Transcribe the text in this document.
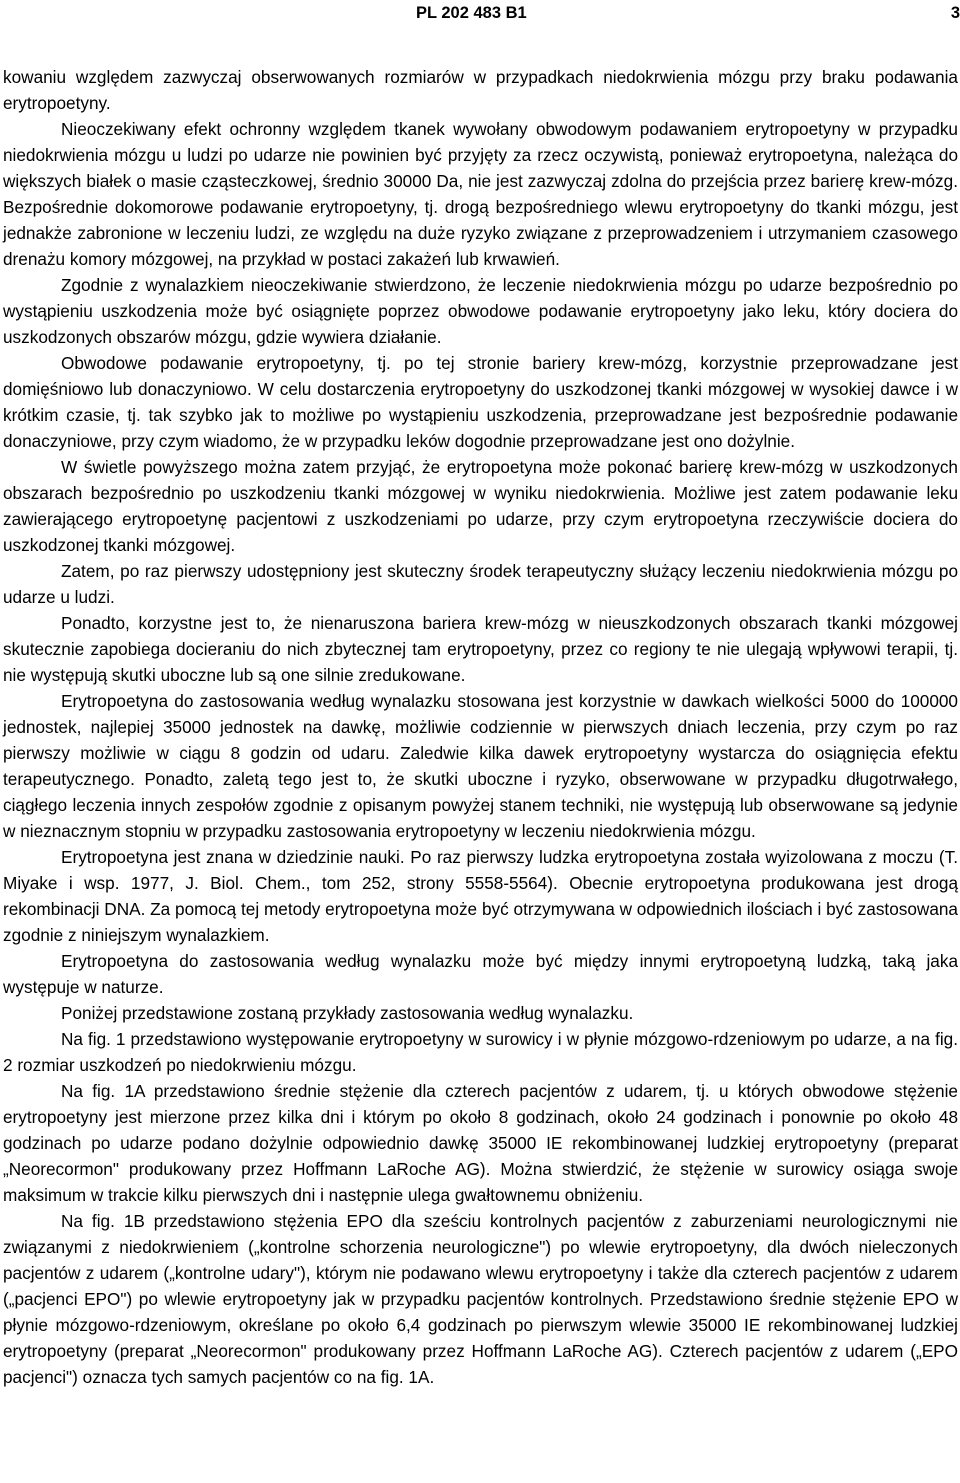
PL 202 483 B1	3

kowaniu względem zazwyczaj obserwowanych rozmiarów w przypadkach niedokrwienia mózgu przy braku podawania erytropoetyny.

Nieoczekiwany efekt ochronny względem tkanek wywołany obwodowym podawaniem erytropoetyny w przypadku niedokrwienia mózgu u ludzi po udarze nie powinien być przyjęty za rzecz oczywistą, ponieważ erytropoetyna, należąca do większych białek o masie cząsteczkowej, średnio 30000 Da, nie jest zazwyczaj zdolna do przejścia przez barierę krew-mózg. Bezpośrednie dokomorowe podawanie erytropoetyny, tj. drogą bezpośredniego wlewu erytropoetyny do tkanki mózgu, jest jednakże zabronione w leczeniu ludzi, ze względu na duże ryzyko związane z przeprowadzeniem i utrzymaniem czasowego drenażu komory mózgowej, na przykład w postaci zakażeń lub krwawień.

Zgodnie z wynalazkiem nieoczekiwanie stwierdzono, że leczenie niedokrwienia mózgu po udarze bezpośrednio po wystąpieniu uszkodzenia może być osiągnięte poprzez obwodowe podawanie erytropoetyny jako leku, który dociera do uszkodzonych obszarów mózgu, gdzie wywiera działanie.

Obwodowe podawanie erytropoetyny, tj. po tej stronie bariery krew-mózg, korzystnie przeprowadzane jest domięśniowo lub donaczyniowo. W celu dostarczenia erytropoetyny do uszkodzonej tkanki mózgowej w wysokiej dawce i w krótkim czasie, tj. tak szybko jak to możliwe po wystąpieniu uszkodzenia, przeprowadzane jest bezpośrednie podawanie donaczyniowe, przy czym wiadomo, że w przypadku leków dogodnie przeprowadzane jest ono dożylnie.

W świetle powyższego można zatem przyjąć, że erytropoetyna może pokonać barierę krew-mózg w uszkodzonych obszarach bezpośrednio po uszkodzeniu tkanki mózgowej w wyniku niedokrwienia. Możliwe jest zatem podawanie leku zawierającego erytropoetynę pacjentowi z uszkodzeniami po udarze, przy czym erytropoetyna rzeczywiście dociera do uszkodzonej tkanki mózgowej.

Zatem, po raz pierwszy udostępniony jest skuteczny środek terapeutyczny służący leczeniu niedokrwienia mózgu po udarze u ludzi.

Ponadto, korzystne jest to, że nienaruszona bariera krew-mózg w nieuszkodzonych obszarach tkanki mózgowej skutecznie zapobiega docieraniu do nich zbytecznej tam erytropoetyny, przez co regiony te nie ulegają wpływowi terapii, tj. nie występują skutki uboczne lub są one silnie zredukowane.

Erytropoetyna do zastosowania według wynalazku stosowana jest korzystnie w dawkach wielkości 5000 do 100000 jednostek, najlepiej 35000 jednostek na dawkę, możliwie codziennie w pierwszych dniach leczenia, przy czym po raz pierwszy możliwie w ciągu 8 godzin od udaru. Zaledwie kilka dawek erytropoetyny wystarcza do osiągnięcia efektu terapeutycznego. Ponadto, zaletą tego jest to, że skutki uboczne i ryzyko, obserwowane w przypadku długotrwałego, ciągłego leczenia innych zespołów zgodnie z opisanym powyżej stanem techniki, nie występują lub obserwowane są jedynie w nieznacznym stopniu w przypadku zastosowania erytropoetyny w leczeniu niedokrwienia mózgu.

Erytropoetyna jest znana w dziedzinie nauki. Po raz pierwszy ludzka erytropoetyna została wyizolowana z moczu (T. Miyake i wsp. 1977, J. Biol. Chem., tom 252, strony 5558-5564). Obecnie erytropoetyna produkowana jest drogą rekombinacji DNA. Za pomocą tej metody erytropoetyna może być otrzymywana w odpowiednich ilościach i być zastosowana zgodnie z niniejszym wynalazkiem.

Erytropoetyna do zastosowania według wynalazku może być między innymi erytropoetyną ludzką, taką jaka występuje w naturze.

Poniżej przedstawione zostaną przykłady zastosowania według wynalazku.

Na fig. 1 przedstawiono występowanie erytropoetyny w surowicy i w płynie mózgowo-rdzeniowym po udarze, a na fig. 2 rozmiar uszkodzeń po niedokrwieniu mózgu.

Na fig. 1A przedstawiono średnie stężenie dla czterech pacjentów z udarem, tj. u których obwodowe stężenie erytropoetyny jest mierzone przez kilka dni i którym po około 8 godzinach, około 24 godzinach i ponownie po około 48 godzinach po udarze podano dożylnie odpowiednio dawkę 35000 IE rekombinowanej ludzkiej erytropoetyny (preparat „Neorecormon" produkowany przez Hoffmann LaRoche AG). Można stwierdzić, że stężenie w surowicy osiąga swoje maksimum w trakcie kilku pierwszych dni i następnie ulega gwałtownemu obniżeniu.

Na fig. 1B przedstawiono stężenia EPO dla sześciu kontrolnych pacjentów z zaburzeniami neurologicznymi nie związanymi z niedokrwieniem („kontrolne schorzenia neurologiczne") po wlewie erytropoetyny, dla dwóch nieleczonych pacjentów z udarem („kontrolne udary"), którym nie podawano wlewu erytropoetyny i także dla czterech pacjentów z udarem („pacjenci EPO") po wlewie erytropoetyny jak w przypadku pacjentów kontrolnych. Przedstawiono średnie stężenie EPO w płynie mózgowo-rdzeniowym, określane po około 6,4 godzinach po pierwszym wlewie 35000 IE rekombinowanej ludzkiej erytropoetyny (preparat „Neorecormon" produkowany przez Hoffmann LaRoche AG). Czterech pacjentów z udarem („EPO pacjenci") oznacza tych samych pacjentów co na fig. 1A.
